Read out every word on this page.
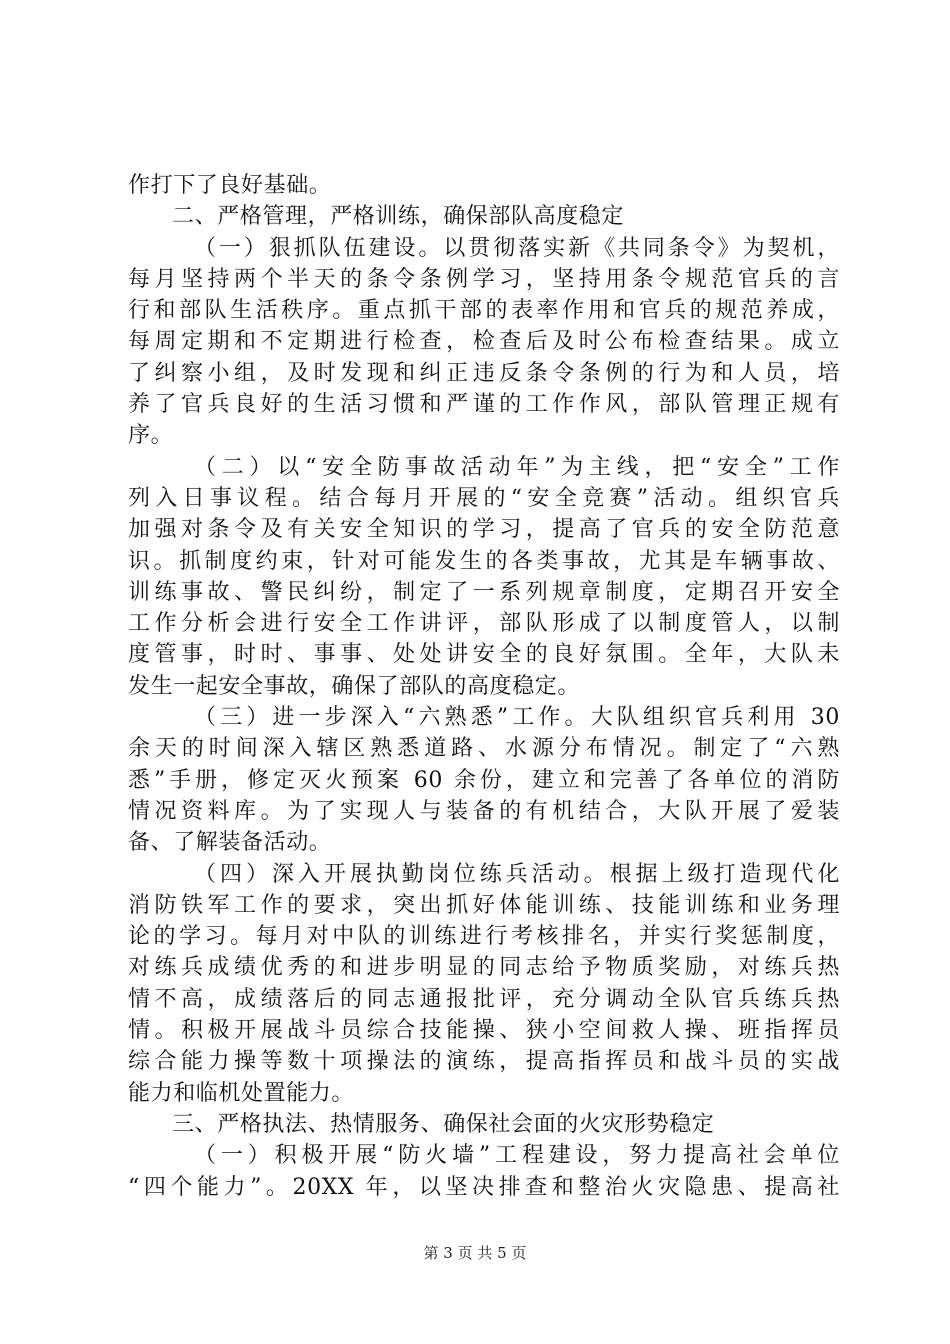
作打下了良好基础。
二、严格管理，严格训练，确保部队高度稳定
（一）狠抓队伍建设。以贯彻落实新《共同条令》为契机，
每月坚持两个半天的条令条例学习，坚持用条令规范官兵的言
行和部队生活秩序。重点抓干部的表率作用和官兵的规范养成，
每周定期和不定期进行检查，检查后及时公布检查结果。成立
了纠察小组，及时发现和纠正违反条令条例的行为和人员，培
养了官兵良好的生活习惯和严谨的工作作风，部队管理正规有
序。
（二）以“安全防事故活动年”为主线，把“安全”工作
列入日事议程。结合每月开展的“安全竞赛”活动。组织官兵
加强对条令及有关安全知识的学习，提高了官兵的安全防范意
识。抓制度约束，针对可能发生的各类事故，尤其是车辆事故、
训练事故、警民纠纷，制定了一系列规章制度，定期召开安全
工作分析会进行安全工作讲评，部队形成了以制度管人，以制
度管事，时时、事事、处处讲安全的良好氛围。全年，大队未
发生一起安全事故，确保了部队的高度稳定。
（三）进一步深入“六熟悉”工作。大队组织官兵利用 30
余天的时间深入辖区熟悉道路、水源分布情况。制定了“六熟
悉”手册，修定灭火预案 60 余份，建立和完善了各单位的消防
情况资料库。为了实现人与装备的有机结合，大队开展了爱装
备、了解装备活动。
（四）深入开展执勤岗位练兵活动。根据上级打造现代化
消防铁军工作的要求，突出抓好体能训练、技能训练和业务理
论的学习。每月对中队的训练进行考核排名，并实行奖惩制度，
对练兵成绩优秀的和进步明显的同志给予物质奖励，对练兵热
情不高，成绩落后的同志通报批评，充分调动全队官兵练兵热
情。积极开展战斗员综合技能操、狭小空间救人操、班指挥员
综合能力操等数十项操法的演练，提高指挥员和战斗员的实战
能力和临机处置能力。
三、严格执法、热情服务、确保社会面的火灾形势稳定
（一）积极开展“防火墙”工程建设，努力提高社会单位
“四个能力”。20XX 年，以坚决排查和整治火灾隐患、提高社
第 3 页 共 5 页
